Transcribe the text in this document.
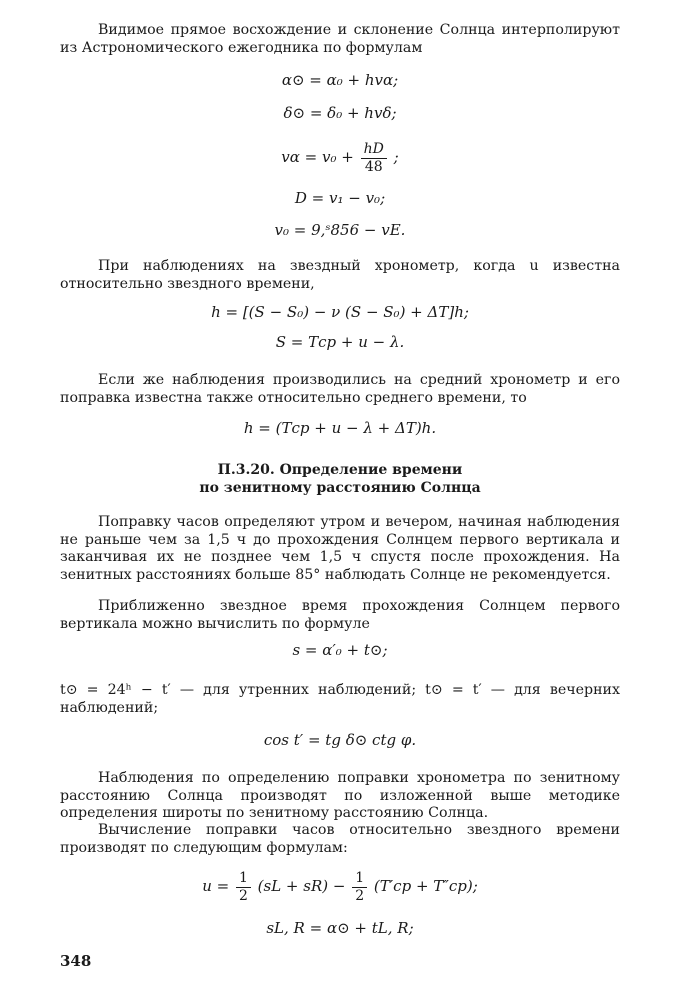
Видимое прямое восхождение и склонение Солнца интерполируют из Астрономического ежегодника по формулам

α⊙ = α₀ + hvα;
δ⊙ = δ₀ + hvδ;
$v\alpha = v_0 + \frac{hD}{48}$ ;
D = v₁ − v₀;
v₀ = 9,ˢ856 − vE.

При наблюдениях на звездный хронометр, когда u известна относительно звездного времени,

h = [(S − S₀) − ν (S − S₀) + ΔT]h;
S = Tср + u − λ.

Если же наблюдения производились на средний хронометр и его поправка известна также относительно среднего времени, то

h = (Tср + u − λ + ΔT)h.

П.3.20. Определение времени

по зенитному расстоянию Солнца

Поправку часов определяют утром и вечером, начиная наблюдения не раньше чем за 1,5 ч до прохождения Солнцем первого вертикала и заканчивая их не позднее чем 1,5 ч спустя после прохождения. На зенитных расстояниях больше 85° наблюдать Солнце не рекомендуется.

Приближенно звездное время прохождения Солнцем первого вертикала можно вычислить по формуле

s = α′₀ + t⊙;

t⊙ = 24ʰ − t′ — для утренних наблюдений; t⊙ = t′ — для вечерних наблюдений;

cos t′ = tg δ⊙ ctg φ.

Наблюдения по определению поправки хронометра по зенитному расстоянию Солнца производят по изложенной выше методике определения широты по зенитному расстоянию Солнца.

Вычисление поправки часов относительно звездного времени производят по следующим формулам:

$u = \frac{1}{2} (sL + sR) - \frac{1}{2} (T'ср + T''ср)$;
sL, R = α⊙ + tL, R;
348
